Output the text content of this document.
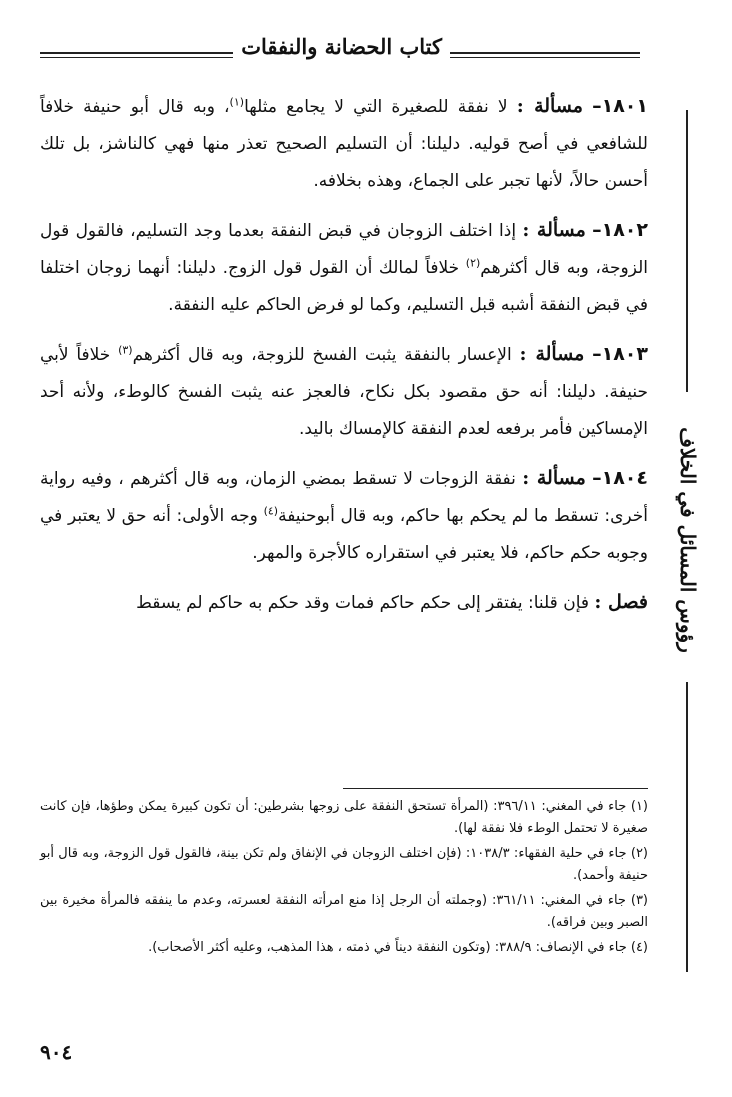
كتاب الحضانة والنفقات
رؤوس المسائل في الخلاف

١٨٠١– مسألة : لا نفقة للصغيرة التي لا يجامع مثلها$^{(١)}$، وبه قال أبو حنيفة خلافاً للشافعي في أصح قوليه. دليلنا: أن التسليم الصحيح تعذر منها فهي كالناشز، بل تلك أحسن حالاً، لأنها تجبر على الجماع، وهذه بخلافه.

١٨٠٢– مسألة : إذا اختلف الزوجان في قبض النفقة بعدما وجد التسليم، فالقول قول الزوجة، وبه قال أكثرهم$^{(٢)}$ خلافاً لمالك أن القول قول الزوج. دليلنا: أنهما زوجان اختلفا في قبض النفقة أشبه قبل التسليم، وكما لو فرض الحاكم عليه النفقة.

١٨٠٣– مسألة : الإعسار بالنفقة يثبت الفسخ للزوجة، وبه قال أكثرهم$^{(٣)}$ خلافاً لأبي حنيفة. دليلنا: أنه حق مقصود بكل نكاح، فالعجز عنه يثبت الفسخ كالوطء، ولأنه أحد الإمساكين فأمر برفعه لعدم النفقة كالإمساك باليد.

١٨٠٤– مسألة : نفقة الزوجات لا تسقط بمضي الزمان، وبه قال أكثرهم ، وفيه رواية أخرى: تسقط ما لم يحكم بها حاكم، وبه قال أبوحنيفة$^{(٤)}$ وجه الأولى: أنه حق لا يعتبر في وجوبه حكم حاكم، فلا يعتبر في استقراره كالأجرة والمهر.

فصل : فإن قلنا: يفتقر إلى حكم حاكم فمات وقد حكم به حاكم لم يسقط

(١) جاء في المغني: ٣٩٦/١١: (المرأة تستحق النفقة على زوجها بشرطين: أن تكون كبيرة يمكن وطؤها، فإن كانت صغيرة لا تحتمل الوطء فلا نفقة لها).

(٢) جاء في حلية الفقهاء: ١٠٣٨/٣: (فإن اختلف الزوجان في الإنفاق ولم تكن بينة، فالقول قول الزوجة، وبه قال أبو حنيفة وأحمد).

(٣) جاء في المغني: ٣٦١/١١: (وجملته أن الرجل إذا منع امرأته النفقة لعسرته، وعدم ما ينفقه فالمرأة مخيرة بين الصبر وبين فراقه).

(٤) جاء في الإنصاف: ٣٨٨/٩: (وتكون النفقة ديناً في ذمته ، هذا المذهب، وعليه أكثر الأصحاب).

٩٠٤
